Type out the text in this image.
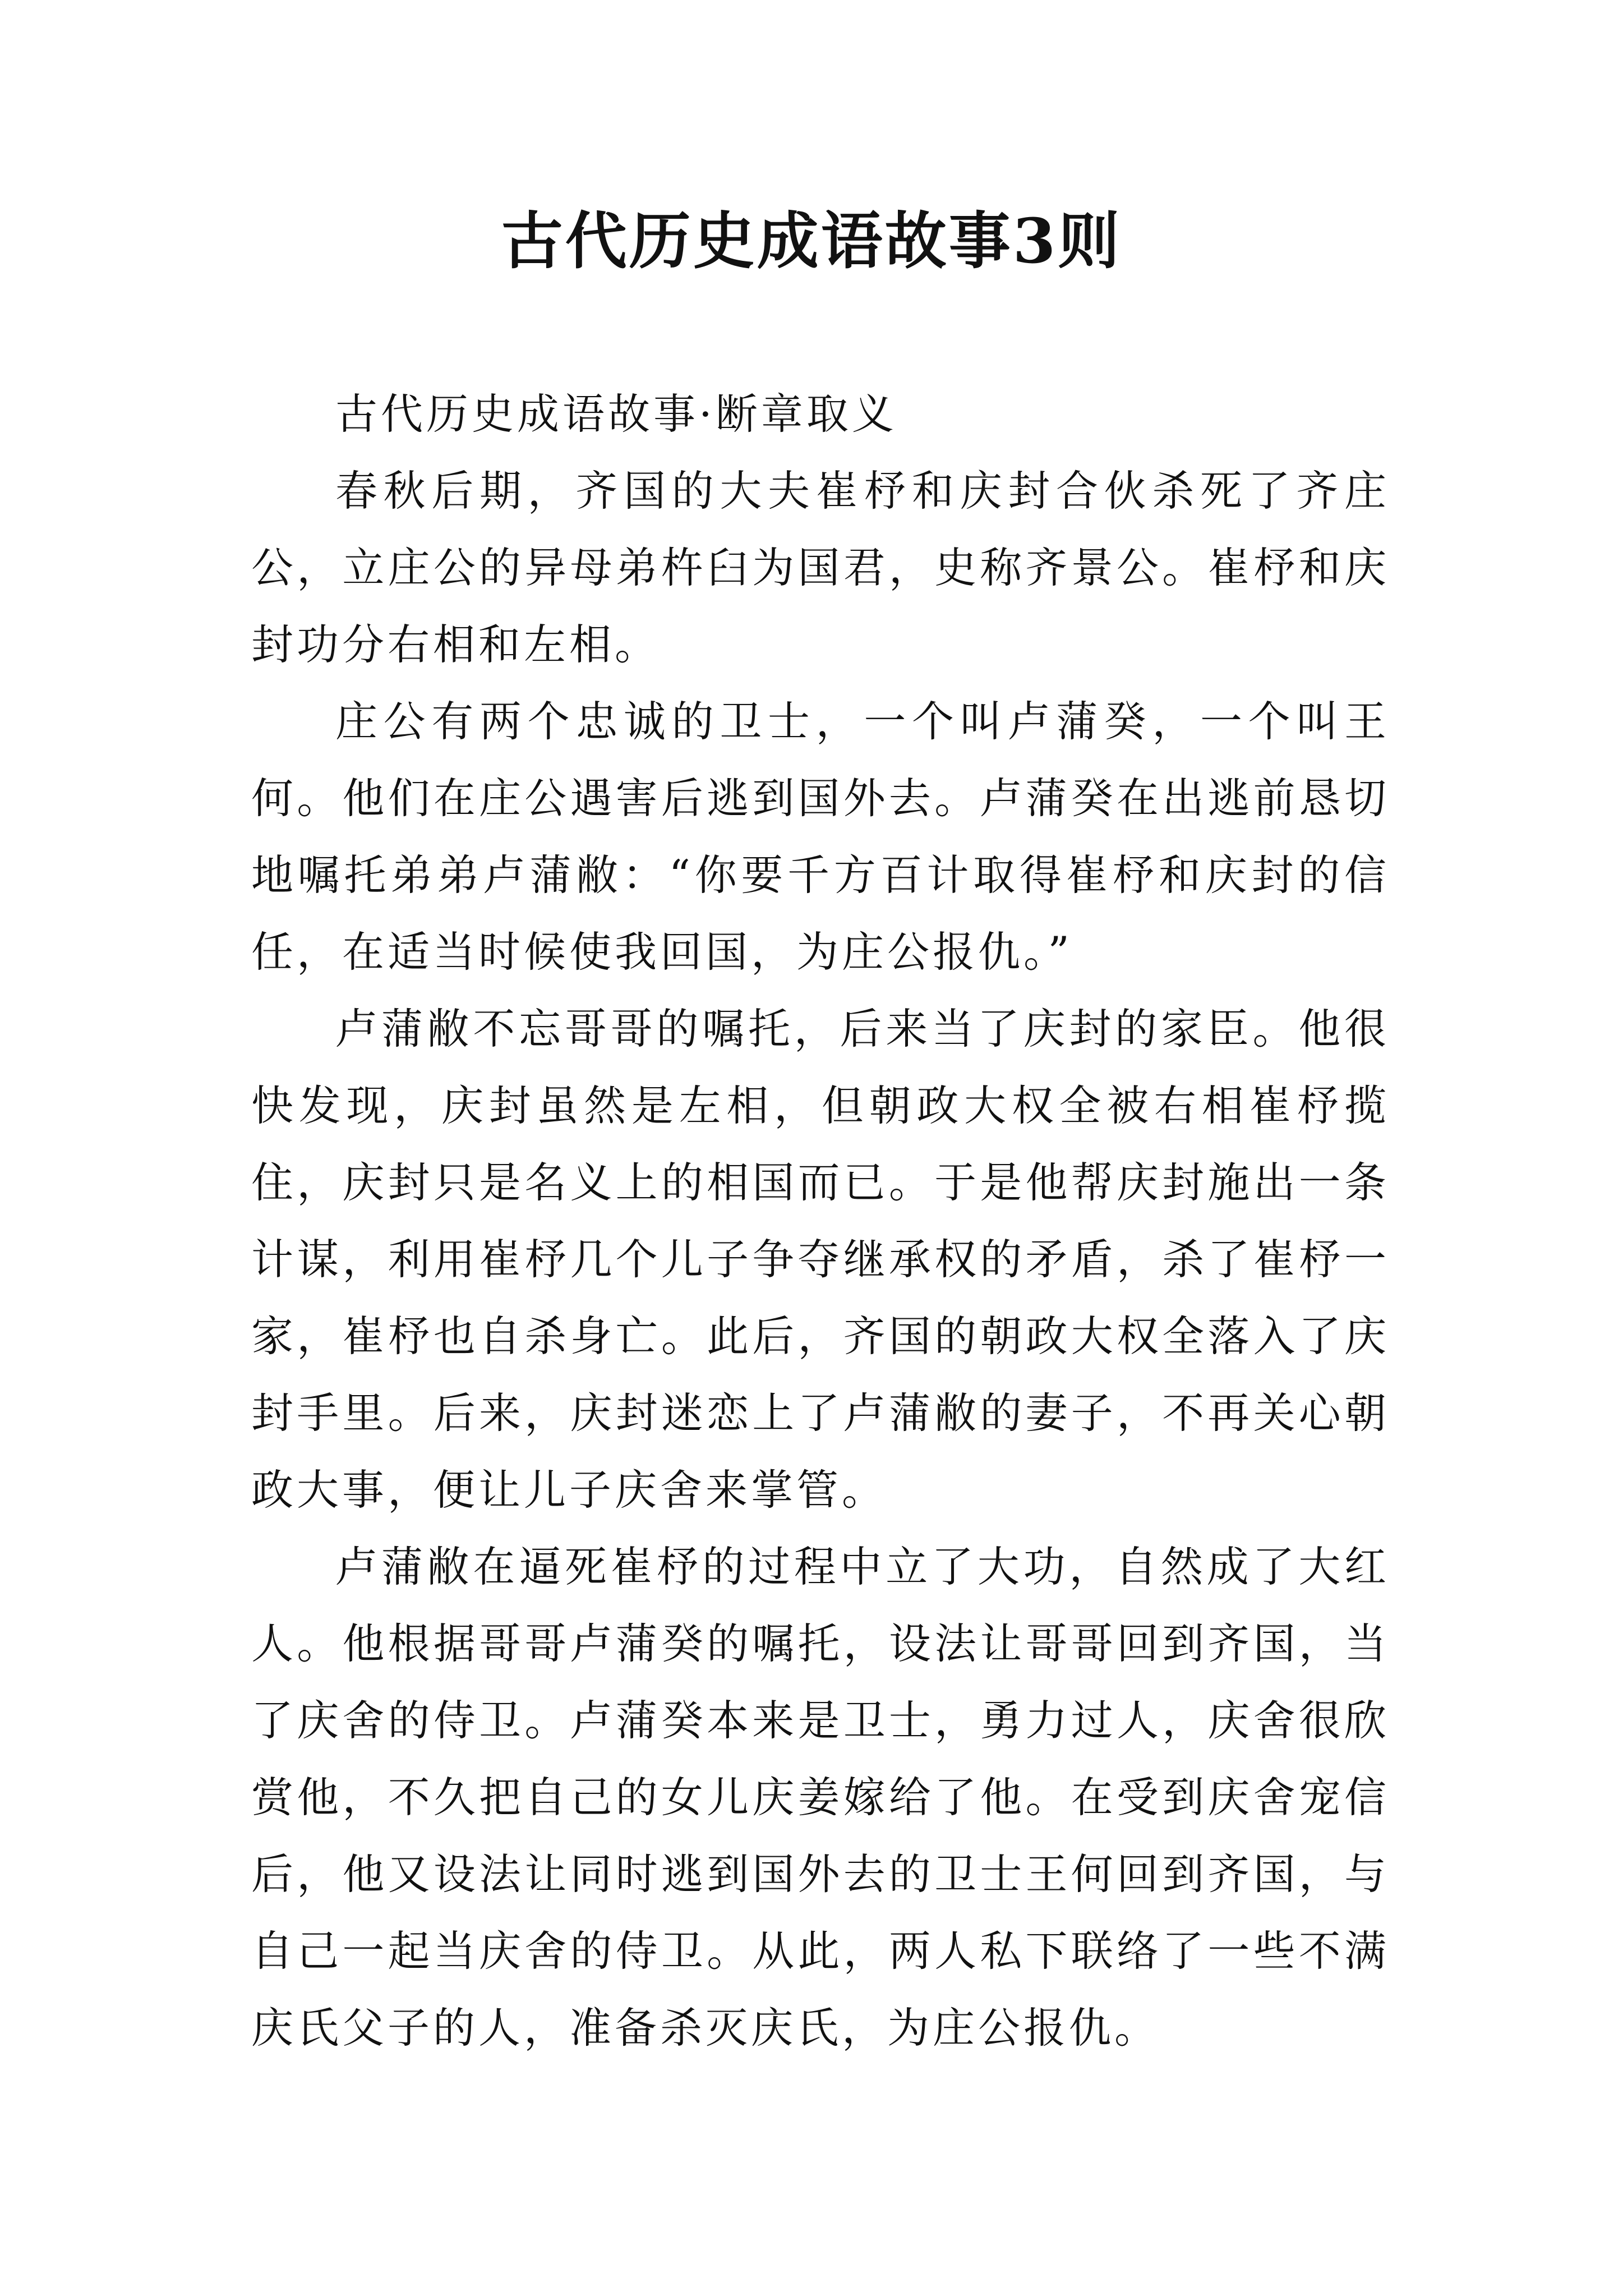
古代历史成语故事3则

古代历史成语故事·断章取义

春秋后期，齐国的大夫崔杼和庆封合伙杀死了齐庄公，立庄公的异母弟杵臼为国君，史称齐景公。崔杼和庆封功分右相和左相。

庄公有两个忠诚的卫士，一个叫卢蒲癸，一个叫王何。他们在庄公遇害后逃到国外去。卢蒲癸在出逃前恳切地嘱托弟弟卢蒲敝：“你要千方百计取得崔杼和庆封的信任，在适当时候使我回国，为庄公报仇。”

卢蒲敝不忘哥哥的嘱托，后来当了庆封的家臣。他很快发现，庆封虽然是左相，但朝政大权全被右相崔杼揽住，庆封只是名义上的相国而已。于是他帮庆封施出一条计谋，利用崔杼几个儿子争夺继承权的矛盾，杀了崔杼一家，崔杼也自杀身亡。此后，齐国的朝政大权全落入了庆封手里。后来，庆封迷恋上了卢蒲敝的妻子，不再关心朝政大事，便让儿子庆舍来掌管。

卢蒲敝在逼死崔杼的过程中立了大功，自然成了大红人。他根据哥哥卢蒲癸的嘱托，设法让哥哥回到齐国，当了庆舍的侍卫。卢蒲癸本来是卫士，勇力过人，庆舍很欣赏他，不久把自己的女儿庆姜嫁给了他。在受到庆舍宠信后，他又设法让同时逃到国外去的卫士王何回到齐国，与自己一起当庆舍的侍卫。从此，两人私下联络了一些不满庆氏父子的人，准备杀灭庆氏，为庄公报仇。
